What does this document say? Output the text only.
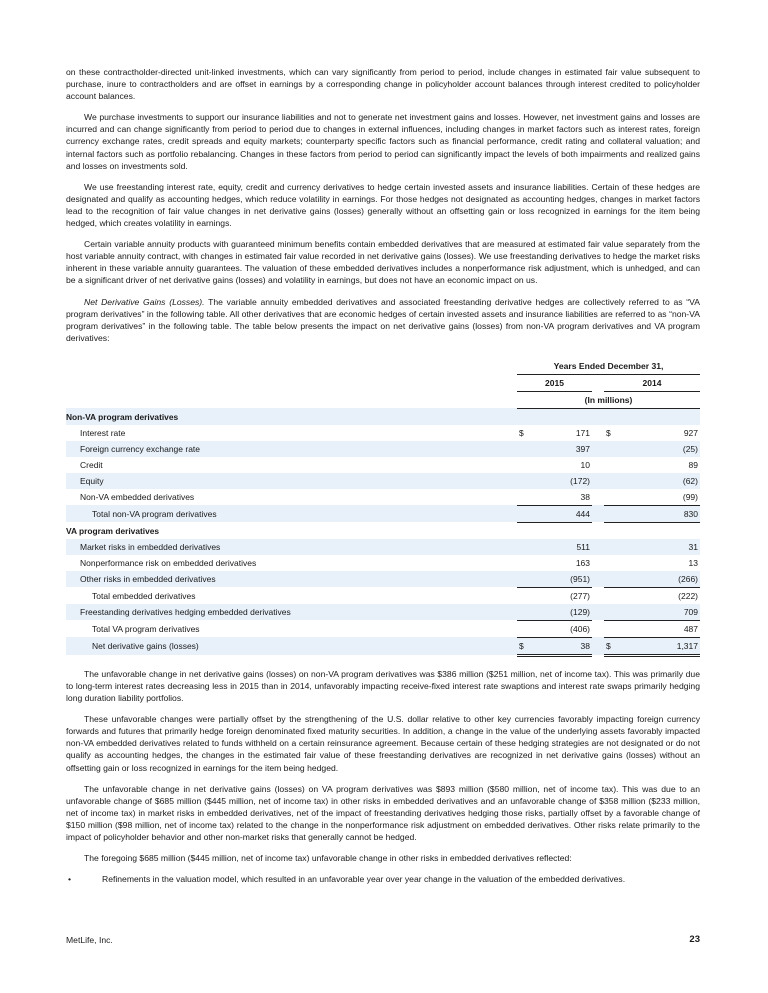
on these contractholder-directed unit-linked investments, which can vary significantly from period to period, include changes in estimated fair value subsequent to purchase, inure to contractholders and are offset in earnings by a corresponding change in policyholder account balances through interest credited to policyholder account balances.

We purchase investments to support our insurance liabilities and not to generate net investment gains and losses. However, net investment gains and losses are incurred and can change significantly from period to period due to changes in external influences, including changes in market factors such as interest rates, foreign currency exchange rates, credit spreads and equity markets; counterparty specific factors such as financial performance, credit rating and collateral valuation; and internal factors such as portfolio rebalancing. Changes in these factors from period to period can significantly impact the levels of both impairments and realized gains and losses on investments sold.

We use freestanding interest rate, equity, credit and currency derivatives to hedge certain invested assets and insurance liabilities. Certain of these hedges are designated and qualify as accounting hedges, which reduce volatility in earnings. For those hedges not designated as accounting hedges, changes in market factors lead to the recognition of fair value changes in net derivative gains (losses) generally without an offsetting gain or loss recognized in earnings for the item being hedged, which creates volatility in earnings.

Certain variable annuity products with guaranteed minimum benefits contain embedded derivatives that are measured at estimated fair value separately from the host variable annuity contract, with changes in estimated fair value recorded in net derivative gains (losses). We use freestanding derivatives to hedge the market risks inherent in these variable annuity guarantees. The valuation of these embedded derivatives includes a nonperformance risk adjustment, which is unhedged, and can be a significant driver of net derivative gains (losses) and volatility in earnings, but does not have an economic impact on us.

Net Derivative Gains (Losses). The variable annuity embedded derivatives and associated freestanding derivative hedges are collectively referred to as “VA program derivatives” in the following table. All other derivatives that are economic hedges of certain invested assets and insurance liabilities are referred to as “non-VA program derivatives” in the following table. The table below presents the impact on net derivative gains (losses) from non-VA program derivatives and VA program derivatives:

	Years Ended December 31,				
	2015			2014	
	(In millions)				
Non-VA program derivatives					
Interest rate	$	171		$	927
Foreign currency exchange rate		397			(25)
Credit		10			89
Equity		(172)			(62)
Non-VA embedded derivatives		38			(99)
Total non-VA program derivatives		444			830
VA program derivatives					
Market risks in embedded derivatives		511			31
Nonperformance risk on embedded derivatives		163			13
Other risks in embedded derivatives		(951)			(266)
Total embedded derivatives		(277)			(222)
Freestanding derivatives hedging embedded derivatives		(129)			709
Total VA program derivatives		(406)			487
Net derivative gains (losses)	$	38		$	1,317

The unfavorable change in net derivative gains (losses) on non-VA program derivatives was $386 million ($251 million, net of income tax). This was primarily due to long-term interest rates decreasing less in 2015 than in 2014, unfavorably impacting receive-fixed interest rate swaptions and interest rate swaps primarily hedging long duration liability portfolios.

These unfavorable changes were partially offset by the strengthening of the U.S. dollar relative to other key currencies favorably impacting foreign currency forwards and futures that primarily hedge foreign denominated fixed maturity securities. In addition, a change in the value of the underlying assets favorably impacted non-VA embedded derivatives related to funds withheld on a certain reinsurance agreement. Because certain of these hedging strategies are not designated or do not qualify as accounting hedges, the changes in the estimated fair value of these freestanding derivatives are recognized in net derivative gains (losses) without an offsetting gain or loss recognized in earnings for the item being hedged.

The unfavorable change in net derivative gains (losses) on VA program derivatives was $893 million ($580 million, net of income tax). This was due to an unfavorable change of $685 million ($445 million, net of income tax) in other risks in embedded derivatives and an unfavorable change of $358 million ($233 million, net of income tax) in market risks in embedded derivatives, net of the impact of freestanding derivatives hedging those risks, partially offset by a favorable change of $150 million ($98 million, net of income tax) related to the change in the nonperformance risk adjustment on embedded derivatives. Other risks relate primarily to the impact of policyholder behavior and other non-market risks that generally cannot be hedged.

The foregoing $685 million ($445 million, net of income tax) unfavorable change in other risks in embedded derivatives reflected:

•	Refinements in the valuation model, which resulted in an unfavorable year over year change in the valuation of the embedded derivatives.
MetLife, Inc.	23
